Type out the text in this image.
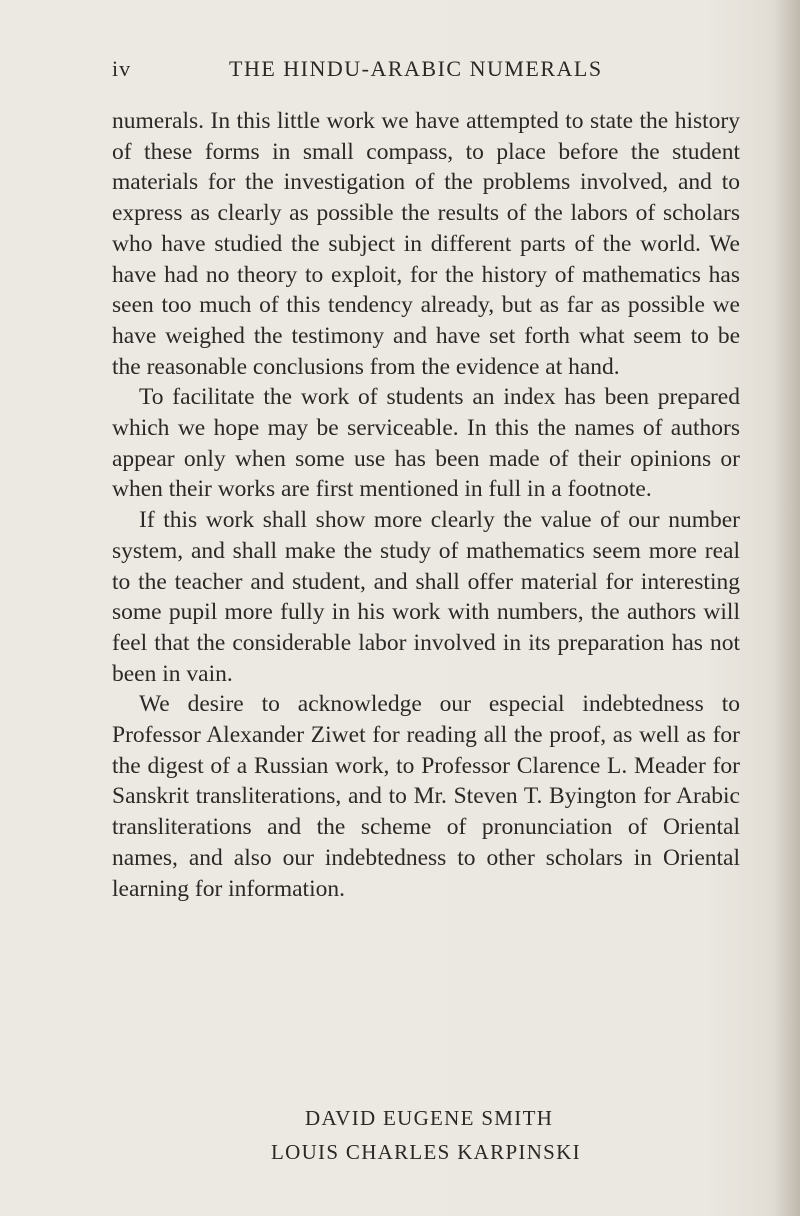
iv	THE HINDU-ARABIC NUMERALS

numerals. In this little work we have attempted to state the history of these forms in small compass, to place before the student materials for the investigation of the problems involved, and to express as clearly as possible the results of the labors of scholars who have studied the subject in different parts of the world. We have had no theory to exploit, for the history of mathematics has seen too much of this tendency already, but as far as possible we have weighed the testimony and have set forth what seem to be the reasonable conclusions from the evidence at hand.

To facilitate the work of students an index has been prepared which we hope may be serviceable. In this the names of authors appear only when some use has been made of their opinions or when their works are first mentioned in full in a footnote.

If this work shall show more clearly the value of our number system, and shall make the study of mathematics seem more real to the teacher and student, and shall offer material for interesting some pupil more fully in his work with numbers, the authors will feel that the considerable labor involved in its preparation has not been in vain.

We desire to acknowledge our especial indebtedness to Professor Alexander Ziwet for reading all the proof, as well as for the digest of a Russian work, to Professor Clarence L. Meader for Sanskrit transliterations, and to Mr. Steven T. Byington for Arabic transliterations and the scheme of pronunciation of Oriental names, and also our indebtedness to other scholars in Oriental learning for information.

DAVID EUGENE SMITH
LOUIS CHARLES KARPINSKI
